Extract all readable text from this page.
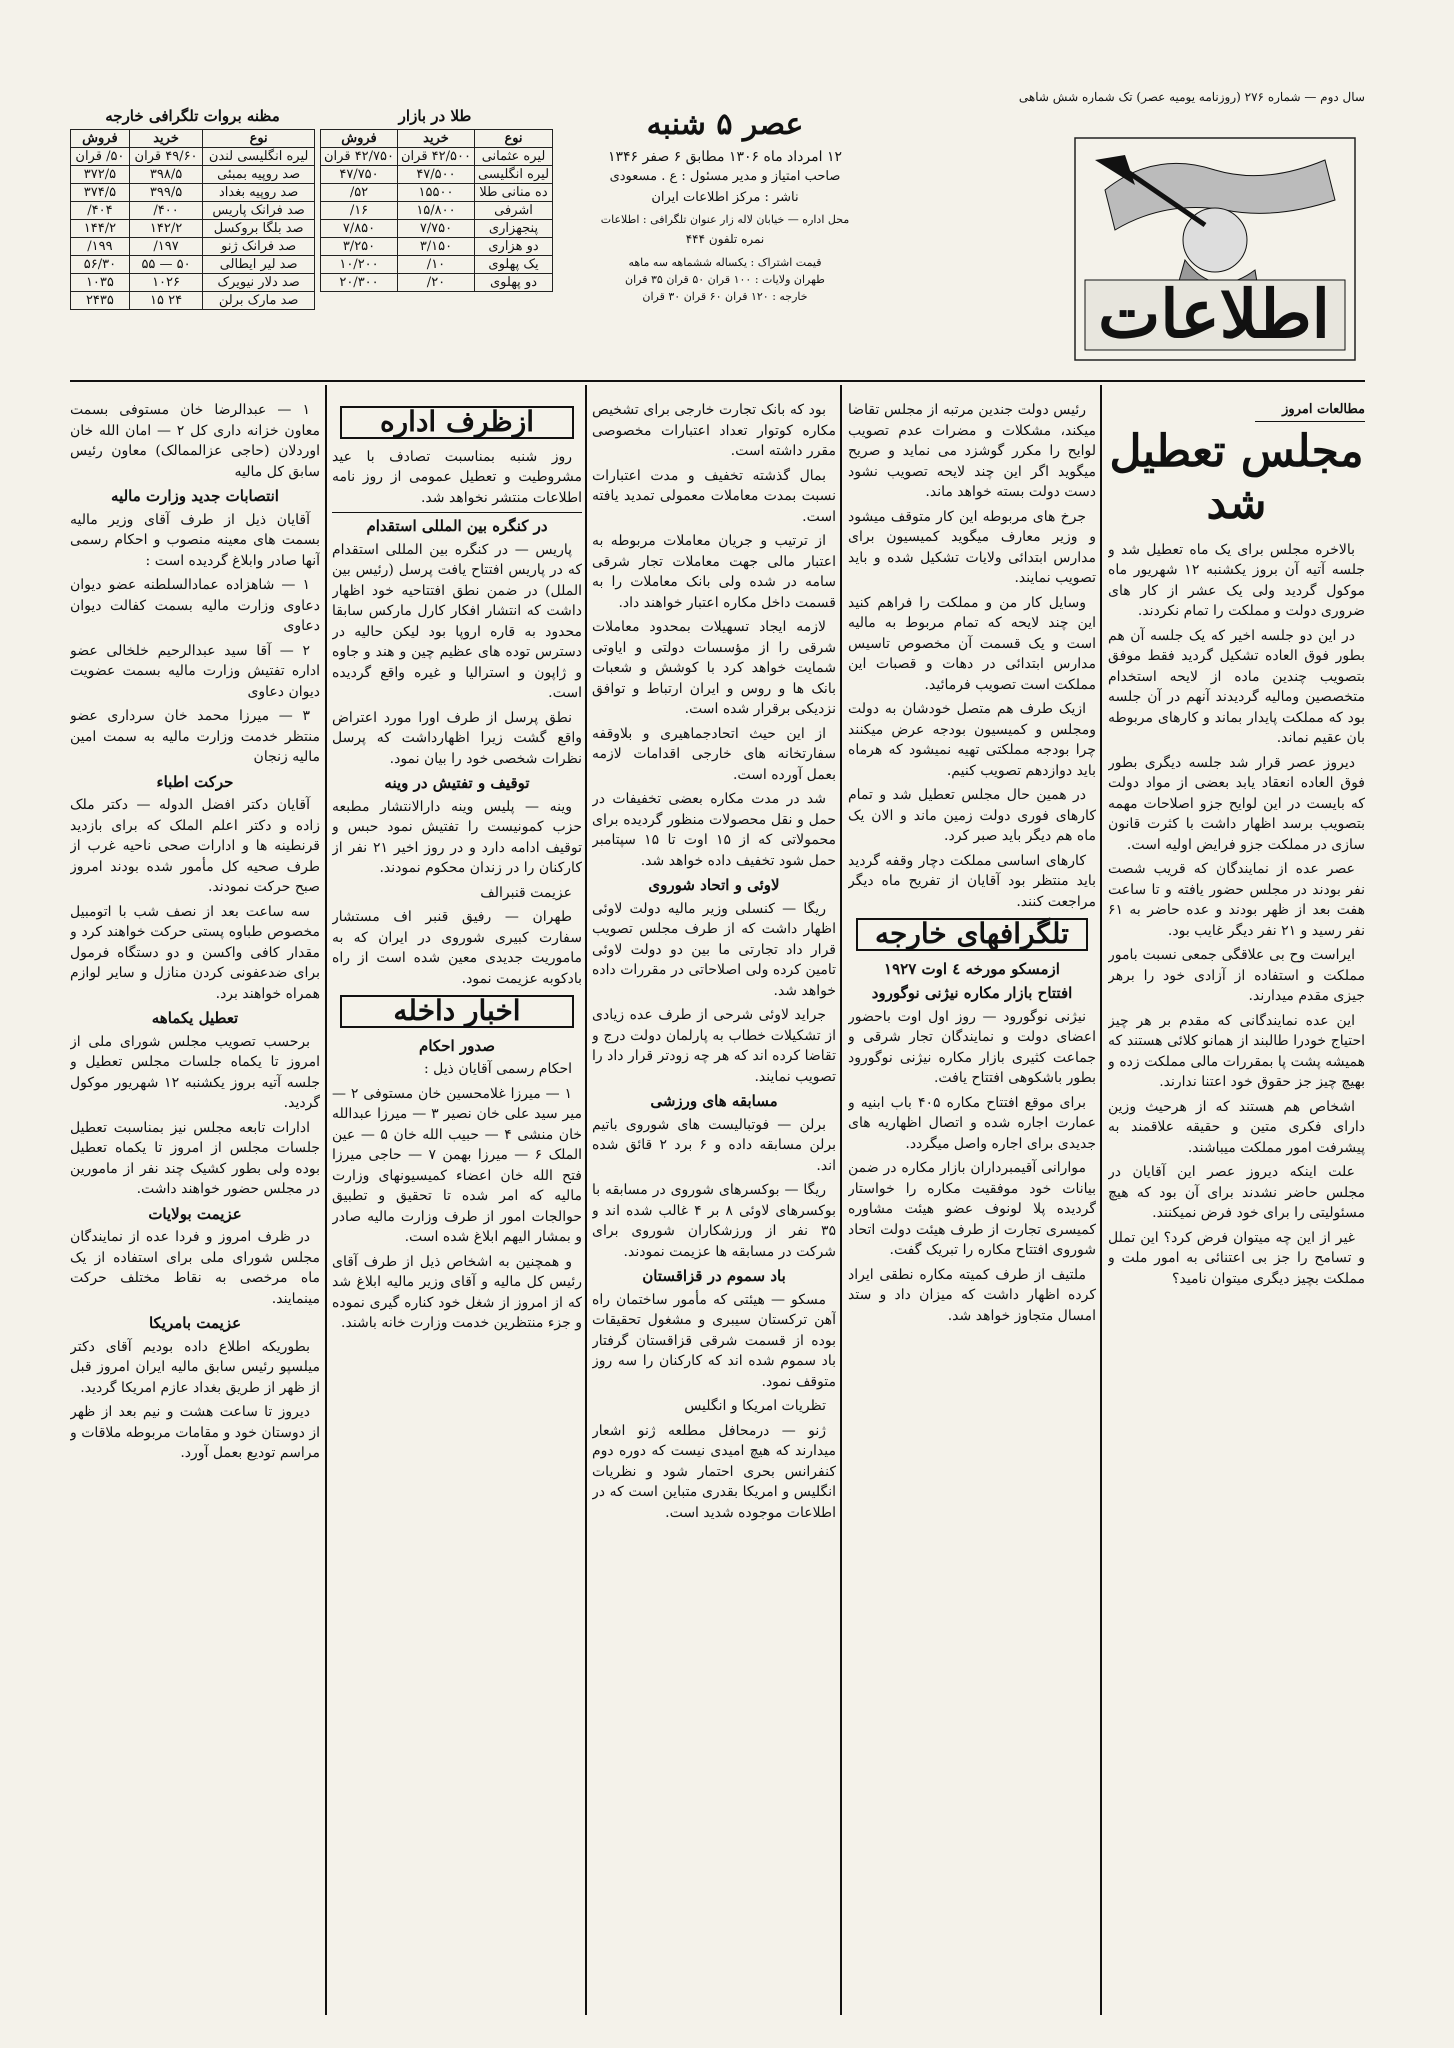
سال دوم — شماره ۲۷۶ (روزنامه یومیه عصر) تک شماره شش شاهی
اطلاعات
عصر ۵ شنبه
۱۲ امرداد ماه ۱۳۰۶ مطابق ۶ صفر ۱۳۴۶
صاحب امتیاز و مدیر مسئول : ع . مسعودی
ناشر : مرکز اطلاعات ایران
محل اداره — خیابان لاله زار عنوان تلگرافی : اطلاعات
نمره تلفون ۴۴۴
قیمت اشتراک : یکساله ششماهه سه ماهه
طهران ولایات : ۱۰۰ قران ۵۰ قران ۳۵ قران
خارجه : ۱۲۰ قران ۶۰ قران ۳۰ قران
طلا در بازار
نوع	خرید	فروش
لیره عثمانی	۴۲/۵۰۰ قران	۴۲/۷۵۰ قران
لیره انگلیسی	۴۷/۵۰۰	۴۷/۷۵۰
ده منانی طلا	۱۵۵۰۰	۵۲/
اشرفی	۱۵/۸۰۰	۱۶/
پنجهزاری	۷/۷۵۰	۷/۸۵۰
دو هزاری	۳/۱۵۰	۳/۲۵۰
یک پهلوی	۱۰/	۱۰/۲۰۰
دو پهلوی	۲۰/	۲۰/۳۰۰
مظنه بروات تلگرافی خارجه
نوع	خرید	فروش
لیره انگلیسی لندن	۴۹/۶۰ قران	۵۰/ قران
صد روپیه بمبئی	۳۹۸/۵	۳۷۲/۵
صد روپیه بغداد	۳۹۹/۵	۳۷۴/۵
صد فرانک پاریس	۴۰۰/	۴۰۴/
صد بلگا بروکسل	۱۴۲/۲	۱۴۴/۲
صد فرانک ژنو	۱۹۷/	۱۹۹/
صد لیر ایطالی	۵۰ — ۵۵	۵۶/۳۰
صد دلار نیویرک	۱۰۲۶	۱۰۳۵
صد مارک برلن	۲۴ ۱۵	۲۴۳۵
مطالعات امروز
مجلس تعطیل شد

بالاخره مجلس برای یک ماه تعطیل شد و جلسه آتیه آن بروز یکشنبه ۱۲ شهریور ماه موکول گردید ولی یک عشر از کار های ضروری دولت و مملکت را تمام نکردند.

در این دو جلسه اخیر که یک جلسه آن هم بطور فوق العاده تشکیل گردید فقط موفق بتصویب چندین ماده از لایحه استخدام متخصصین ومالیه گردیدند آنهم در آن جلسه بود که مملکت پایدار بماند و کارهای مربوطه بان عقیم نماند.

دیروز عصر قرار شد جلسه دیگری بطور فوق العاده انعقاد یابد بعضی از مواد دولت که بایست در این لوایح جزو اصلاحات مهمه بتصویب برسد اظهار داشت با کثرت قانون سازی در مملکت جزو فرایض اولیه است.

عصر عده از نمایندگان که قریب شصت نفر بودند در مجلس حضور یافته و تا ساعت هفت بعد از ظهر بودند و عده حاضر به ۶۱ نفر رسید و ۲۱ نفر دیگر غایب بود.

ایراست وح بی علاقگی جمعی نسبت بامور مملکت و استفاده از آزادی خود را برهر جیزی مقدم میدارند.

این عده نمایندگانی که مقدم بر هر چیز احتیاج خودرا طالبند از همانو کلائی هستند که همیشه پشت پا بمقررات مالی مملکت زده و بهیچ چیز جز حقوق خود اعتنا ندارند.

اشخاص هم هستند که از هرحیث وزین دارای فکری متین و حقیقه علاقمند به پیشرفت امور مملکت میباشند.

علت اینکه دیروز عصر این آقایان در مجلس حاضر نشدند برای آن بود که هیچ مسئولیتی را برای خود فرض نمیکنند.

غیر از این چه میتوان فرض کرد؟ این تملل و تسامح را جز بی اعتنائی به امور ملت و مملکت بچیز دیگری میتوان نامید؟

رئیس دولت جندین مرتبه از مجلس تقاضا میکند، مشکلات و مضرات عدم تصویب لوایح را مکرر گوشزد می نماید و صریح میگوید اگر این چند لایحه تصویب نشود دست دولت بسته خواهد ماند.

جرخ های مربوطه این کار متوقف میشود و وزیر معارف میگوید کمیسیون برای مدارس ابتدائی ولایات تشکیل شده و باید تصویب نمایند.

وسایل کار من و مملکت را فراهم کنید این چند لایحه که تمام مربوط به مالیه است و یک قسمت آن مخصوص تاسیس مدارس ابتدائی در دهات و قصبات این مملکت است تصویب فرمائید.

ازیک طرف هم متصل خودشان به دولت ومجلس و کمیسیون بودجه عرض میکنند چرا بودجه مملکتی تهیه نمیشود که هرماه باید دوازدهم تصویب کنیم.

در همین حال مجلس تعطیل شد و تمام کارهای فوری دولت زمین ماند و الان یک ماه هم دیگر باید صبر کرد.

کارهای اساسی مملکت دچار وقفه گردید باید منتظر بود آقایان از تفریح ماه دیگر مراجعت کنند.

تلگرافهای خارجه
ازمسکو مورخه ٤ اوت ١٩٢٧
افتتاح بازار مکاره نیژنی نوگورود

نیژنی نوگورود — روز اول اوت باحضور اعضای دولت و نمایندگان تجار شرقی و جماعت کثیری بازار مکاره نیژنی نوگورود بطور باشکوهی افتتاح یافت.

برای موقع افتتاح مکاره ۴۰۵ باب ابنیه و عمارت اجاره شده و اتصال اظهاریه های جدیدی برای اجاره واصل میگردد.

موارانی آقیمبرداران بازار مکاره در ضمن بیانات خود موفقیت مکاره را خواستار گردیده پلا لونوف عضو هیئت مشاوره کمیسری تجارت از طرف هیئت دولت اتحاد شوروی افتتاح مکاره را تبریک گفت.

ملتیف از طرف کمیته مکاره نطقی ایراد کرده اظهار داشت که میزان داد و ستد امسال متجاوز خواهد شد.

بود که بانک تجارت خارجی برای تشخیص مکاره کوتوار تعداد اعتبارات مخصوصی مقرر داشته است.

بمال گذشته تخفیف و مدت اعتبارات نسبت بمدت معاملات معمولی تمدید یافته است.

از ترتیب و جریان معاملات مربوطه به اعتبار مالی جهت معاملات تجار شرقی سامه در شده ولی بانک معاملات را به قسمت داخل مکاره اعتبار خواهند داد.

لازمه ایجاد تسهیلات بمحدود معاملات شرقی را از مؤسسات دولتی و ایاوتی شمایت خواهد کرد با کوشش و شعبات بانک ها و روس و ایران ارتباط و توافق نزدیکی برقرار شده است.

از این حیث اتحادجماهیری و بلاوقفه سفارتخانه های خارجی اقدامات لازمه بعمل آورده است.

شد در مدت مکاره بعضی تخفیفات در حمل و نقل محصولات منظور گردیده برای محمولاتی که از ۱۵ اوت تا ۱۵ سپتامبر حمل شود تخفیف داده خواهد شد.

لاوئی و اتحاد شوروی

ریگا — کنسلی وزیر مالیه دولت لاوئی اظهار داشت که از طرف مجلس تصویب قرار داد تجارتی ما بین دو دولت لاوئی تامین کرده ولی اصلاحاتی در مقررات داده خواهد شد.

جراید لاوئی شرحی از طرف عده زیادی از تشکیلات خطاب به پارلمان دولت درج و تقاضا کرده اند که هر چه زودتر قرار داد را تصویب نمایند.

مسابقه های ورزشی

برلن — فوتبالیست های شوروی باتیم برلن مسابقه داده و ۶ برد ۲ قائق شده اند.

ریگا — بوکسرهای شوروی در مسابقه با بوکسرهای لاوئی ۸ بر ۴ غالب شده اند و ۳۵ نفر از ورزشکاران شوروی برای شرکت در مسابقه ها عزیمت نمودند.

باد سموم در قزاقستان

مسکو — هیئتی که مأمور ساختمان راه آهن ترکستان سیبری و مشغول تحقیقات بوده از قسمت شرقی قزاقستان گرفتار باد سموم شده اند که کارکنان را سه روز متوقف نمود.

تظریات امریکا و انگلیس

ژنو — درمحافل مطلعه ژنو اشعار میدارند که هیچ امیدی نیست که دوره دوم کنفرانس بحری احتمار شود و نظریات انگلیس و امریکا بقدری متباین است که در اطلاعات موجوده شدید است.

ازظرف اداره

روز شنبه بمناسبت تصادف با عید مشروطیت و تعطیل عمومی از روز نامه اطلاعات منتشر نخواهد شد.

در کنگره بین المللی استقدام

پاریس — در کنگره بین المللی استقدام که در پاریس افتتاح یافت پرسل (رئیس بین الملل) در ضمن نطق افتتاحیه خود اظهار داشت که انتشار افکار کارل مارکس سابقا محدود به قاره اروپا بود لیکن حالیه در دسترس توده های عظیم چین و هند و جاوه و ژاپون و استرالیا و غیره واقع گردیده است.

نطق پرسل از طرف اورا مورد اعتراض واقع گشت زیرا اظهارداشت که پرسل نظرات شخصی خود را بیان نمود.

توقیف و تفتیش در وینه

وینه — پلیس وینه دارالانتشار مطبعه حزب کمونیست را تفتیش نمود حبس و توقیف ادامه دارد و در روز اخیر ۲۱ نفر از کارکنان را در زندان محکوم نمودند.

عزیمت قنبرالف

طهران — رفیق قنبر اف مستشار سفارت کبیری شوروی در ایران که به ماموریت جدیدی معین شده است از راه بادکوبه عزیمت نمود.

اخبار داخله
صدور احکام

احکام رسمی آقایان ذیل :

۱ — میرزا غلامحسین خان مستوفی ۲ — میر سید علی خان نصیر ۳ — میرزا عبدالله خان منشی ۴ — حبیب الله خان ۵ — عین الملک ۶ — میرزا بهمن ۷ — حاجی میرزا فتح الله خان اعضاء کمیسیونهای وزارت مالیه که امر شده تا تحقیق و تطبیق حوالجات امور از طرف وزارت مالیه صادر و بمشار الیهم ابلاغ شده است.

و همچنین به اشخاص ذیل از طرف آقای رئیس کل مالیه و آقای وزیر مالیه ابلاغ شد که از امروز از شغل خود کناره گیری نموده و جزء منتظرین خدمت وزارت خانه باشند.

۱ — عبدالرضا خان مستوفی بسمت معاون خزانه داری کل ۲ — امان الله خان اوردلان (حاجی عزالممالک) معاون رئیس سابق کل مالیه

انتصابات جدید وزارت مالیه

آقایان ذیل از طرف آقای وزیر مالیه بسمت های معینه منصوب و احکام رسمی آنها صادر وابلاغ گردیده است :

۱ — شاهزاده عمادالسلطنه عضو دیوان دعاوی وزارت مالیه بسمت کفالت دیوان دعاوی

۲ — آقا سید عبدالرحیم خلخالی عضو اداره تفتیش وزارت مالیه بسمت عضویت دیوان دعاوی

۳ — میرزا محمد خان سرداری عضو منتظر خدمت وزارت مالیه به سمت امین مالیه زنجان

حرکت اطباء

آقایان دکتر افضل الدوله — دکتر ملک زاده و دکتر اعلم الملک که برای بازدید قرنطینه ها و ادارات صحی ناحیه غرب از طرف صحیه کل مأمور شده بودند امروز صبح حرکت نمودند.

سه ساعت بعد از نصف شب با اتومبیل مخصوص طباوه پستی حرکت خواهند کرد و مقدار کافی واکسن و دو دستگاه فرمول برای ضدعفونی کردن منازل و سایر لوازم همراه خواهند برد.

تعطیل یکماهه

برحسب تصویب مجلس شورای ملی از امروز تا یکماه جلسات مجلس تعطیل و جلسه آتیه بروز یکشنبه ۱۲ شهریور موکول گردید.

ادارات تابعه مجلس نیز بمناسبت تعطیل جلسات مجلس از امروز تا یکماه تعطیل بوده ولی بطور کشیک چند نفر از مامورین در مجلس حضور خواهند داشت.

عزیمت بولایات

در ظرف امروز و فردا عده از نمایندگان مجلس شورای ملی برای استفاده از یک ماه مرخصی به نقاط مختلف حرکت مینمایند.

عزیمت بامریکا

بطوریکه اطلاع داده بودیم آقای دکتر میلسپو رئیس سابق مالیه ایران امروز قبل از ظهر از طریق بغداد عازم امریکا گردید.

دیروز تا ساعت هشت و نیم بعد از ظهر از دوستان خود و مقامات مربوطه ملاقات و مراسم تودیع بعمل آورد.
